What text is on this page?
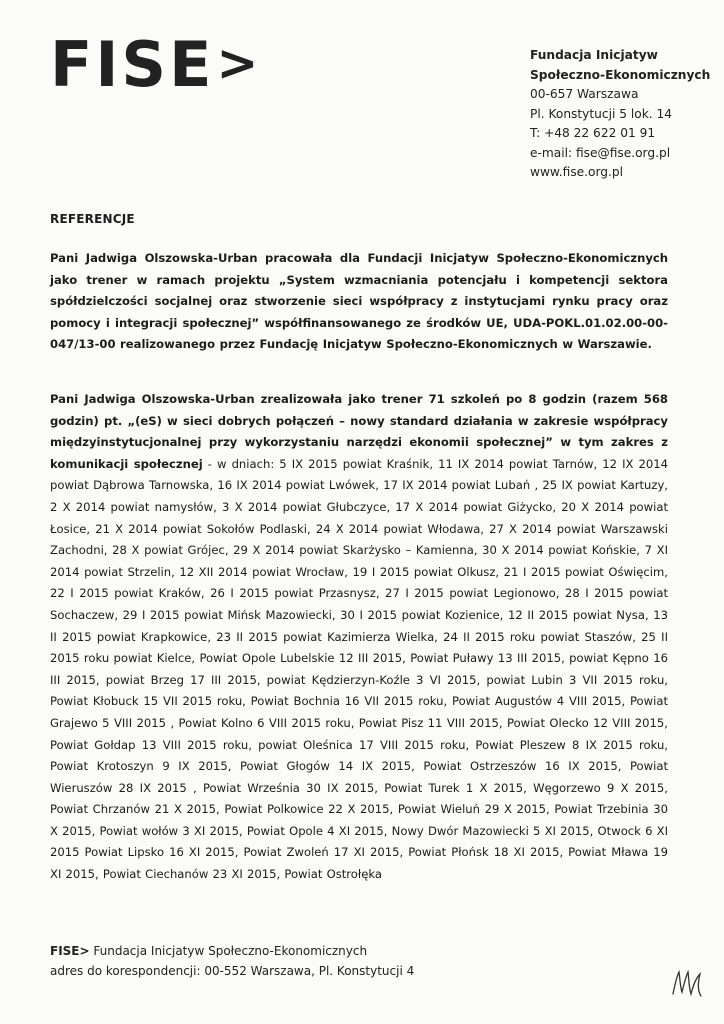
FISE>	Fundacja Inicjatyw
Społeczno-Ekonomicznych
00-657 Warszawa
Pl. Konstytucji 5 lok. 14
T: +48 22 622 01 91
e-mail: fise@fise.org.pl
www.fise.org.pl
REFERENCJE
Pani Jadwiga Olszowska-Urban pracowała dla Fundacji Inicjatyw Społeczno-Ekonomicznych jako trener w ramach projektu „System wzmacniania potencjału i kompetencji sektora spółdzielczości socjalnej oraz stworzenie sieci współpracy z instytucjami rynku pracy oraz pomocy i integracji społecznej” współfinansowanego ze środków UE, UDA-POKL.01.02.00-00-047/13-00 realizowanego przez Fundację Inicjatyw Społeczno-Ekonomicznych w Warszawie.
Pani Jadwiga Olszowska-Urban zrealizowała jako trener 71 szkoleń po 8 godzin (razem 568 godzin) pt. „(eS) w sieci dobrych połączeń – nowy standard działania w zakresie współpracy międzyinstytucjonalnej przy wykorzystaniu narzędzi ekonomii społecznej” w tym zakres z komunikacji społecznej - w dniach: 5 IX 2015 powiat Kraśnik, 11 IX 2014 powiat Tarnów, 12 IX 2014 powiat Dąbrowa Tarnowska, 16 IX 2014 powiat Lwówek, 17 IX 2014 powiat Lubań , 25 IX powiat Kartuzy, 2 X 2014 powiat namysłów, 3 X 2014 powiat Głubczyce, 17 X 2014 powiat Giżycko, 20 X 2014 powiat Łosice, 21 X 2014 powiat Sokołów Podlaski, 24 X 2014 powiat Włodawa, 27 X 2014 powiat Warszawski Zachodni, 28 X powiat Grójec, 29 X 2014 powiat Skarżysko – Kamienna, 30 X 2014 powiat Końskie, 7 XI 2014 powiat Strzelin, 12 XII 2014 powiat Wrocław, 19 I 2015 powiat Olkusz, 21 I 2015 powiat Oświęcim, 22 I 2015 powiat Kraków, 26 I 2015 powiat Przasnysz, 27 I 2015 powiat Legionowo, 28 I 2015 powiat Sochaczew, 29 I 2015 powiat Mińsk Mazowiecki, 30 I 2015 powiat Kozienice, 12 II 2015 powiat Nysa, 13 II 2015 powiat Krapkowice, 23 II 2015 powiat Kazimierza Wielka, 24 II 2015 roku powiat Staszów, 25 II 2015 roku powiat Kielce, Powiat Opole Lubelskie 12 III 2015, Powiat Puławy 13 III 2015, powiat Kępno 16 III 2015, powiat Brzeg 17 III 2015, powiat Kędzierzyn-Koźle 3 VI 2015, powiat Lubin 3 VII 2015 roku, Powiat Kłobuck 15 VII 2015 roku, Powiat Bochnia 16 VII 2015 roku, Powiat Augustów 4 VIII 2015, Powiat Grajewo 5 VIII 2015 , Powiat Kolno 6 VIII 2015 roku, Powiat Pisz 11 VIII 2015, Powiat Olecko 12 VIII 2015, Powiat Gołdap 13 VIII 2015 roku, powiat Oleśnica 17 VIII 2015 roku, Powiat Pleszew 8 IX 2015 roku, Powiat Krotoszyn 9 IX 2015, Powiat Głogów 14 IX 2015, Powiat Ostrzeszów 16 IX 2015, Powiat Wieruszów 28 IX 2015 , Powiat Września 30 IX 2015, Powiat Turek 1 X 2015, Węgorzewo 9 X 2015, Powiat Chrzanów 21 X 2015, Powiat Polkowice 22 X 2015, Powiat Wieluń 29 X 2015, Powiat Trzebinia 30 X 2015, Powiat wołów 3 XI 2015, Powiat Opole 4 XI 2015, Nowy Dwór Mazowiecki 5 XI 2015, Otwock 6 XI 2015 Powiat Lipsko 16 XI 2015, Powiat Zwoleń 17 XI 2015, Powiat Płońsk 18 XI 2015, Powiat Mława 19 XI 2015, Powiat Ciechanów 23 XI 2015, Powiat Ostrołęka
FISE> Fundacja Inicjatyw Społeczno-Ekonomicznych
adres do korespondencji: 00-552 Warszawa, Pl. Konstytucji 4
